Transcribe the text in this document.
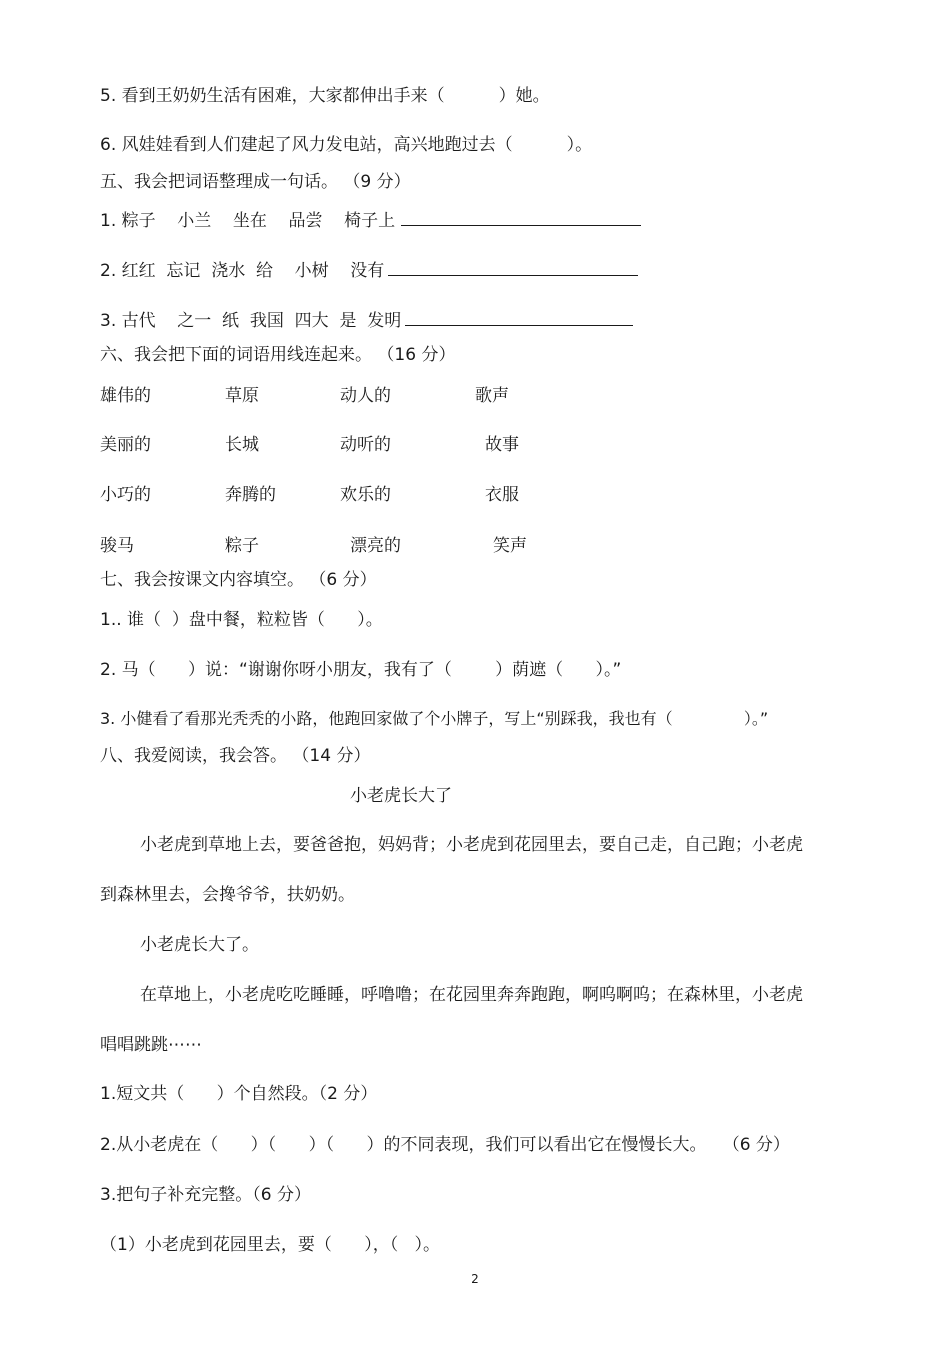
5. 看到王奶奶生活有困难，大家都伸出手来（          ）她。
6. 风娃娃看到人们建起了风力发电站，高兴地跑过去（          ）。
五、我会把词语整理成一句话。 （9 分）
1. 粽子    小兰    坐在    品尝    椅子上
2. 红红  忘记  浇水  给    小树    没有
3. 古代    之一  纸  我国  四大  是  发明
六、我会把下面的词语用线连起来。 （16 分）
雄伟的	草原	动人的	歌声
美丽的	长城	动听的	故事
小巧的	奔腾的	欢乐的	衣服
骏马	粽子	漂亮的	笑声
七、我会按课文内容填空。 （6 分）
1.. 谁（  ）盘中餐，粒粒皆（      ）。
2. 马（      ）说：“谢谢你呀小朋友，我有了（        ）荫遮（      ）。”
3. 小健看了看那光秃秃的小路，他跑回家做了个小牌子，写上“别踩我，我也有（              ）。”
八、我爱阅读，我会答。 （14 分）
小老虎长大了
小老虎到草地上去，要爸爸抱，妈妈背；小老虎到花园里去，要自己走，自己跑；小老虎
到森林里去，会搀爷爷，扶奶奶。
小老虎长大了。
在草地上，小老虎吃吃睡睡，呼噜噜；在花园里奔奔跑跑，啊呜啊呜；在森林里，小老虎
唱唱跳跳⋯⋯
1.短文共（      ）个自然段。（2 分）
2.从小老虎在（      ）（      ）（      ）的不同表现，我们可以看出它在慢慢长大。   （6 分）
3.把句子补充完整。（6 分）
（1）小老虎到花园里去，要（      ），（   ）。
2
